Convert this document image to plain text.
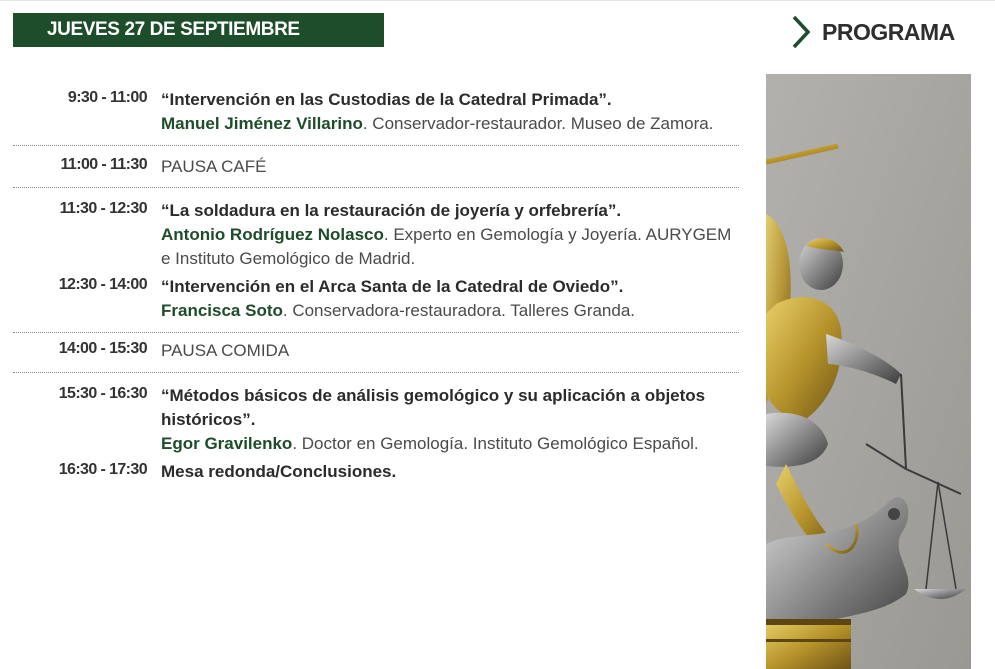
JUEVES 27 DE SEPTIEMBRE	PROGRAMA
9:30 - 11:00 “Intervención en las Custodias de la Catedral Primada”.
Manuel Jiménez Villarino. Conservador-restaurador. Museo de Zamora.
11:00 - 11:30 PAUSA CAFÉ
11:30 - 12:30 “La soldadura en la restauración de joyería y orfebrería”.
Antonio Rodríguez Nolasco. Experto en Gemología y Joyería. AURYGEM e Instituto Gemológico de Madrid.
12:30 - 14:00 “Intervención en el Arca Santa de la Catedral de Oviedo”.
Francisca Soto. Conservadora-restauradora. Talleres Granda.
14:00 - 15:30 PAUSA COMIDA
15:30 - 16:30 “Métodos básicos de análisis gemológico y su aplicación a objetos históricos”.
Egor Gravilenko. Doctor en Gemología. Instituto Gemológico Español.
16:30 - 17:30 Mesa redonda/Conclusiones.
